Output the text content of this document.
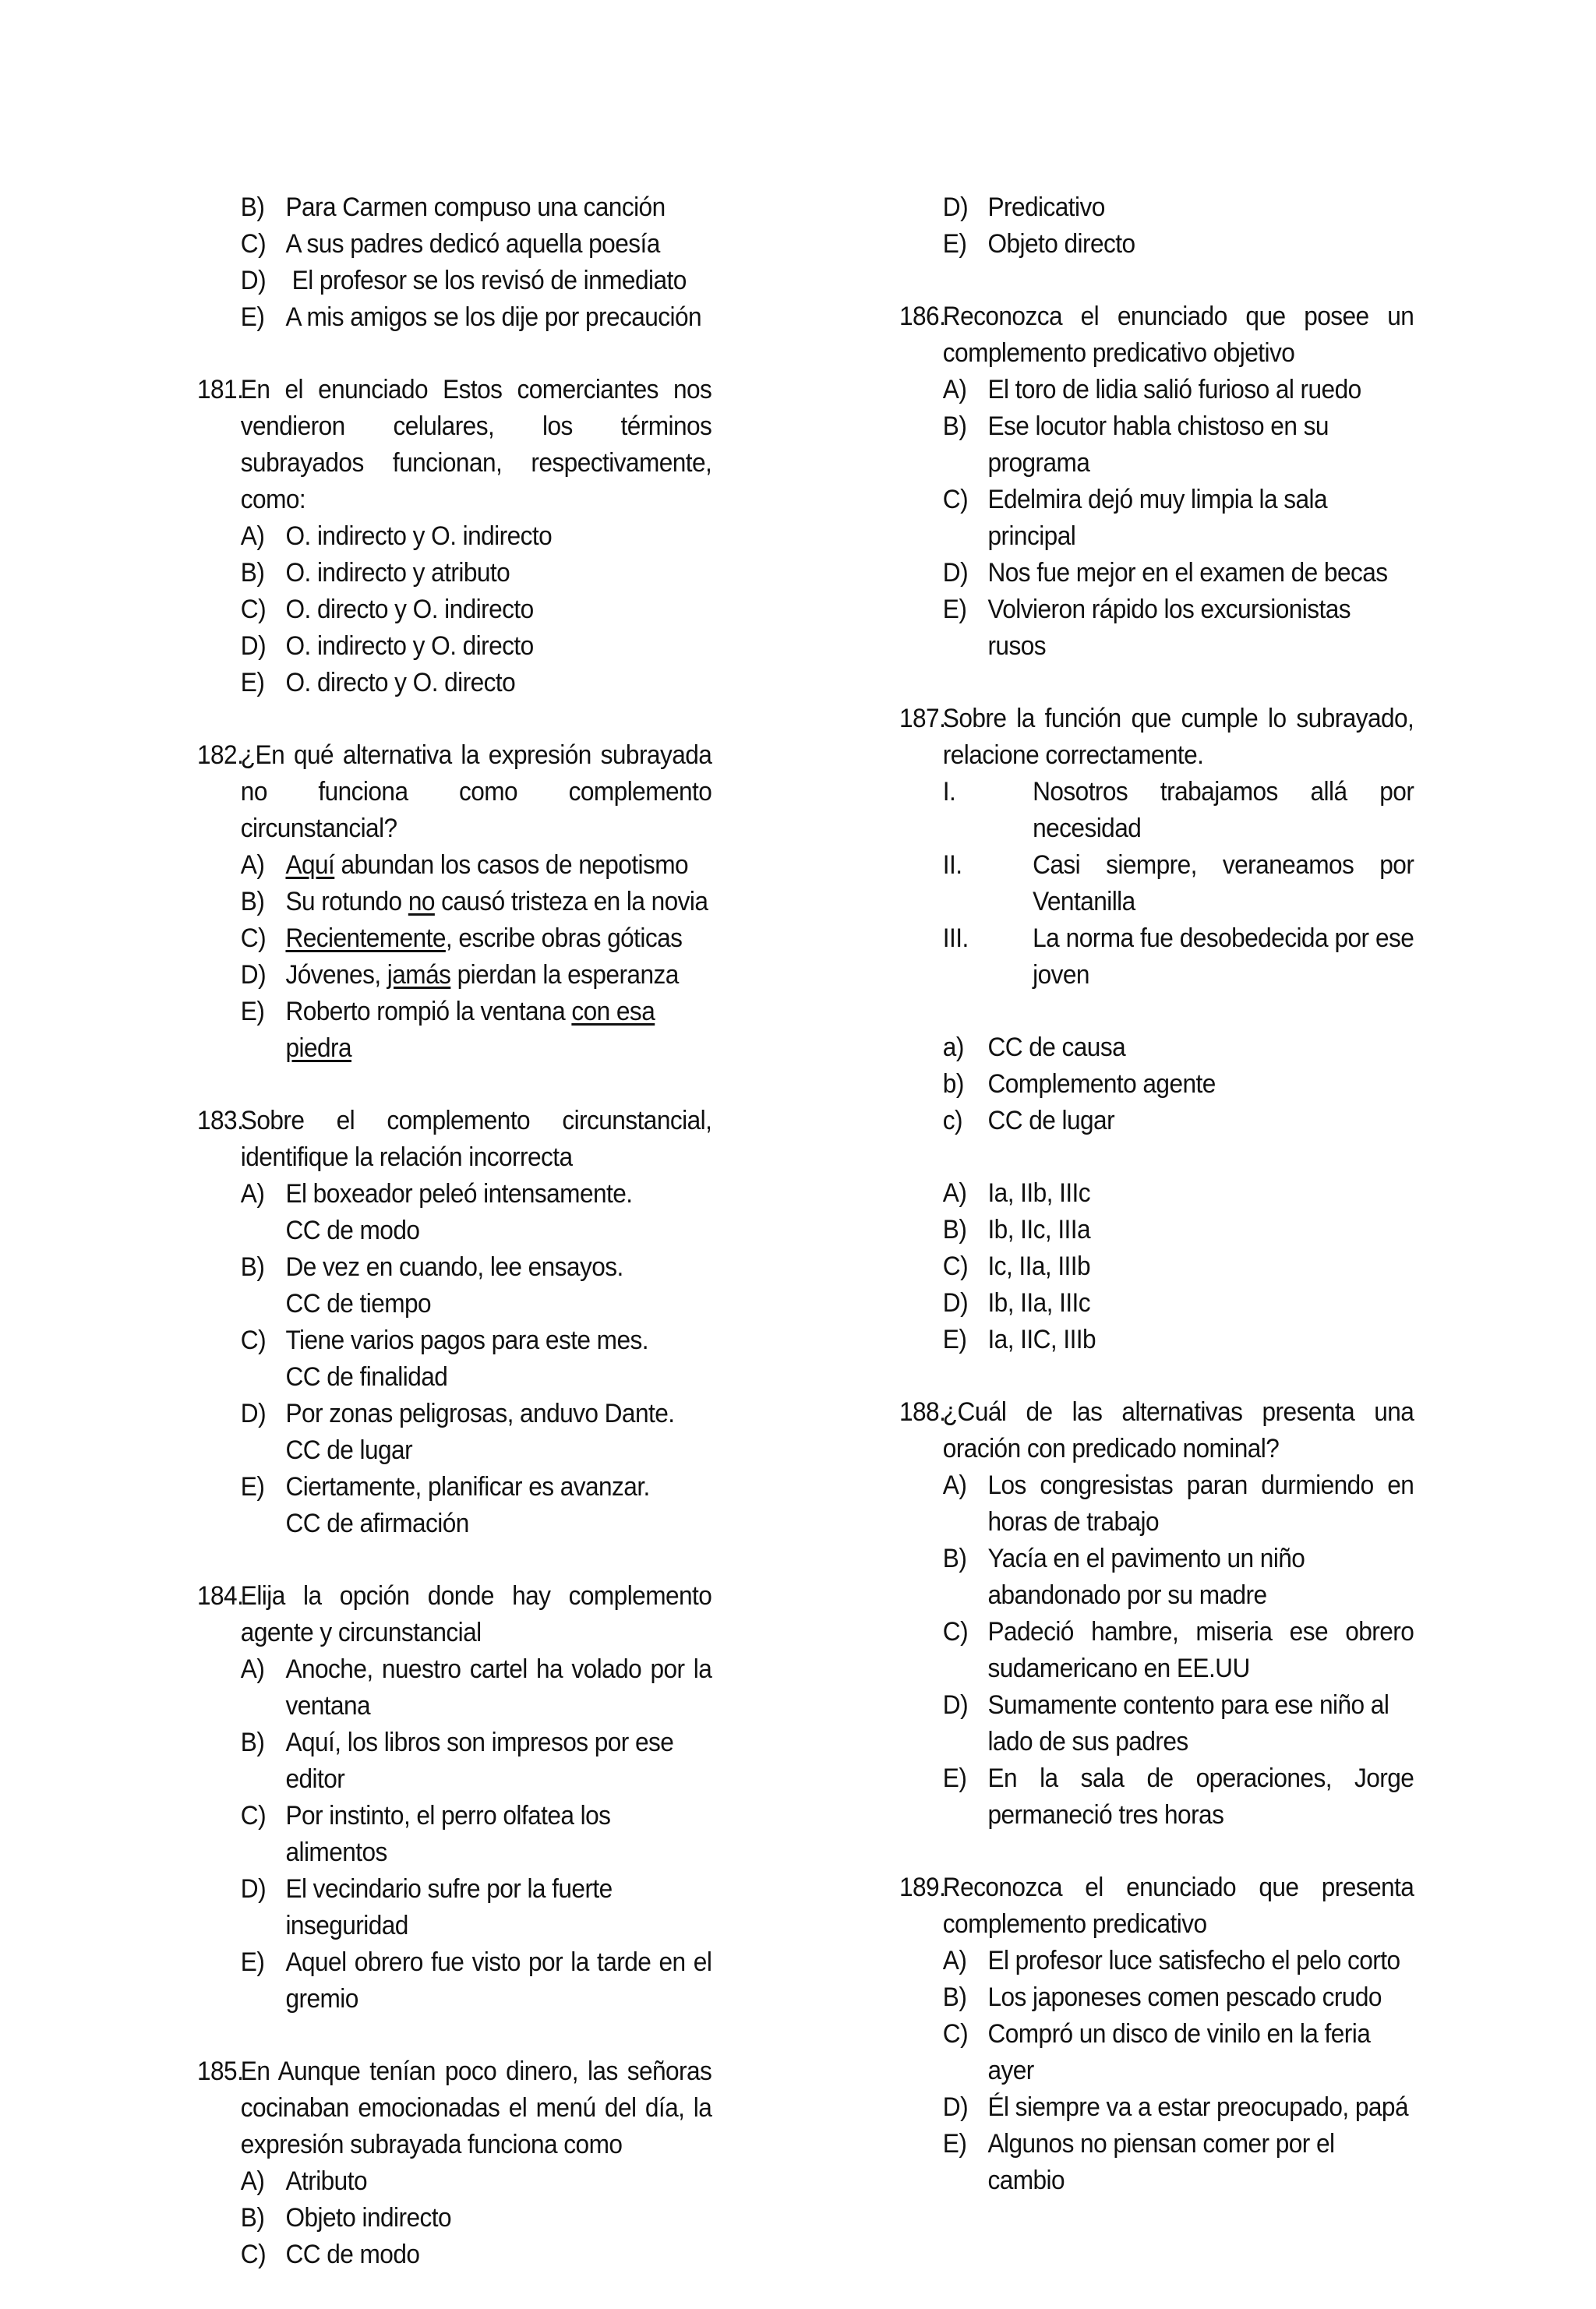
B) Para Carmen compuso una canción
C) A sus padres dedicó aquella poesía
D) El profesor se los revisó de inmediato
E) A mis amigos se los dije por precaución
181.
En el enunciado Estos comerciantes nos vendieron celulares, los términos subrayados funcionan, respectivamente, como:
A) O. indirecto y O. indirecto
B) O. indirecto y atributo
C) O. directo y O. indirecto
D) O. indirecto y O. directo
E) O. directo y O. directo
182.
¿En qué alternativa la expresión subrayada no funciona como complemento circunstancial?
A) Aquí abundan los casos de nepotismo
B) Su rotundo no causó tristeza en la novia
C) Recientemente, escribe obras góticas
D) Jóvenes, jamás pierdan la esperanza
E) Roberto rompió la ventana con esa piedra
183.
Sobre el complemento circunstancial, identifique la relación incorrecta
A) El boxeador peleó intensamente.
CC de modo
B) De vez en cuando, lee ensayos.
CC de tiempo
C) Tiene varios pagos para este mes.
CC de finalidad
D) Por zonas peligrosas, anduvo Dante.
CC de lugar
E) Ciertamente, planificar es avanzar.
CC de afirmación
184.
Elija la opción donde hay complemento agente y circunstancial
A) Anoche, nuestro cartel ha volado por la ventana
B) Aquí, los libros son impresos por ese editor
C) Por instinto, el perro olfatea los alimentos
D) El vecindario sufre por la fuerte inseguridad
E) Aquel obrero fue visto por la tarde en el gremio
185.
En Aunque tenían poco dinero, las señoras cocinaban emocionadas el menú del día, la expresión subrayada funciona como
A) Atributo
B) Objeto indirecto
C) CC de modo
D) Predicativo
E) Objeto directo
186.
Reconozca el enunciado que posee un complemento predicativo objetivo
A) El toro de lidia salió furioso al ruedo
B) Ese locutor habla chistoso en su programa
C) Edelmira dejó muy limpia la sala principal
D) Nos fue mejor en el examen de becas
E) Volvieron rápido los excursionistas rusos
187.
Sobre la función que cumple lo subrayado, relacione correctamente.
I.	Nosotros trabajamos allá por necesidad
II.	Casi siempre, veraneamos por Ventanilla
III. La norma fue desobedecida por ese joven
a) CC de causa
b) Complemento agente
c) CC de lugar
A) Ia, IIb, IIIc
B) Ib, IIc, IIIa
C) Ic, IIa, IIIb
D) Ib, IIa, IIIc
E) Ia, IIC, IIIb
188.
¿Cuál de las alternativas presenta una oración con predicado nominal?
A) Los congresistas paran durmiendo en horas de trabajo
B) Yacía en el pavimento un niño abandonado por su madre
C) Padeció hambre, miseria ese obrero sudamericano en EE.UU
D) Sumamente contento para ese niño al lado de sus padres
E) En la sala de operaciones, Jorge permaneció tres horas
189.
Reconozca el enunciado que presenta complemento predicativo
A) El profesor luce satisfecho el pelo corto
B) Los japoneses comen pescado crudo
C) Compró un disco de vinilo en la feria ayer
D) Él siempre va a estar preocupado, papá
E) Algunos no piensan comer por el cambio
